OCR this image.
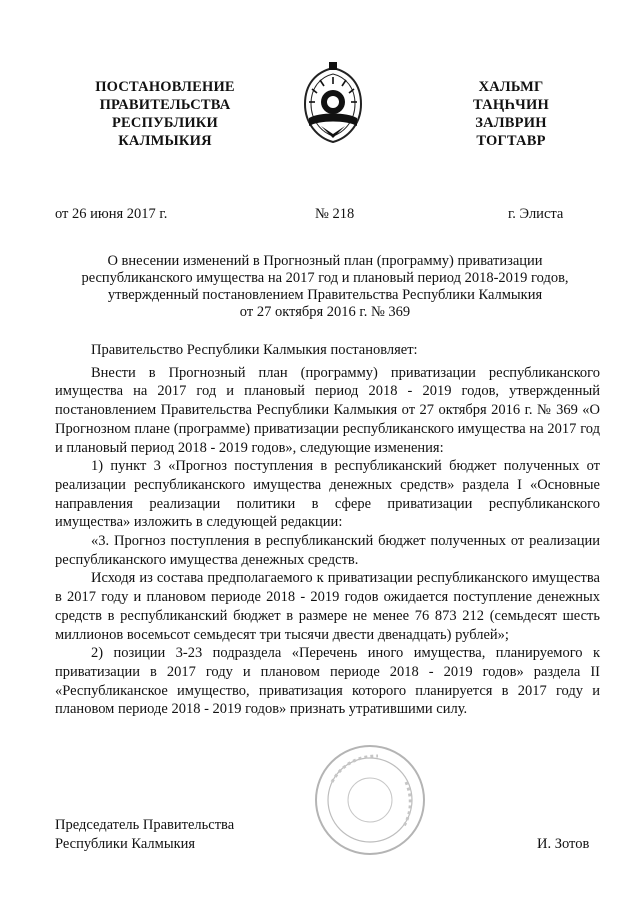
ПОСТАНОВЛЕНИЕ
ПРАВИТЕЛЬСТВА
РЕСПУБЛИКИ
КАЛМЫКИЯ
ХАЛЬМГ
ТАҢҺЧИН
ЗАЛВРИН
ТОГТАВР
от 26 июня 2017 г.	№ 218	г. Элиста
О внесении изменений в Прогнозный план (программу) приватизации
республиканского имущества на 2017 год и плановый период 2018-2019 годов,
утвержденный постановлением Правительства Республики Калмыкия
от 27 октября 2016 г. № 369

Правительство Республики Калмыкия постановляет:

Внести в Прогнозный план (программу) приватизации республиканского имущества на 2017 год и плановый период 2018 - 2019 годов, утвержденный постановлением Правительства Республики Калмыкия от 27 октября 2016 г. № 369 «О Прогнозном плане (программе) приватизации республиканского имущества на 2017 год и плановый период 2018 - 2019 годов», следующие изменения:

1) пункт 3 «Прогноз поступления в республиканский бюджет полученных от реализации республиканского имущества денежных средств» раздела I «Основные направления реализации политики в сфере приватизации республиканского имущества» изложить в следующей редакции:

«3. Прогноз поступления в республиканский бюджет полученных от реализации республиканского имущества денежных средств.

Исходя из состава предполагаемого к приватизации республиканского имущества в 2017 году и плановом периоде 2018 - 2019 годов ожидается поступление денежных средств в республиканский бюджет в размере не менее 76 873 212 (семьдесят шесть миллионов восемьсот семьдесят три тысячи двести двенадцать) рублей»;

2) позиции 3-23 подраздела «Перечень иного имущества, планируемого к приватизации в 2017 году и плановом периоде 2018 - 2019 годов» раздела II «Республиканское имущество, приватизация которого планируется в 2017 году и плановом периоде 2018 - 2019 годов» признать утратившими силу.

Председатель Правительства
Республики Калмыкия	И. Зотов
